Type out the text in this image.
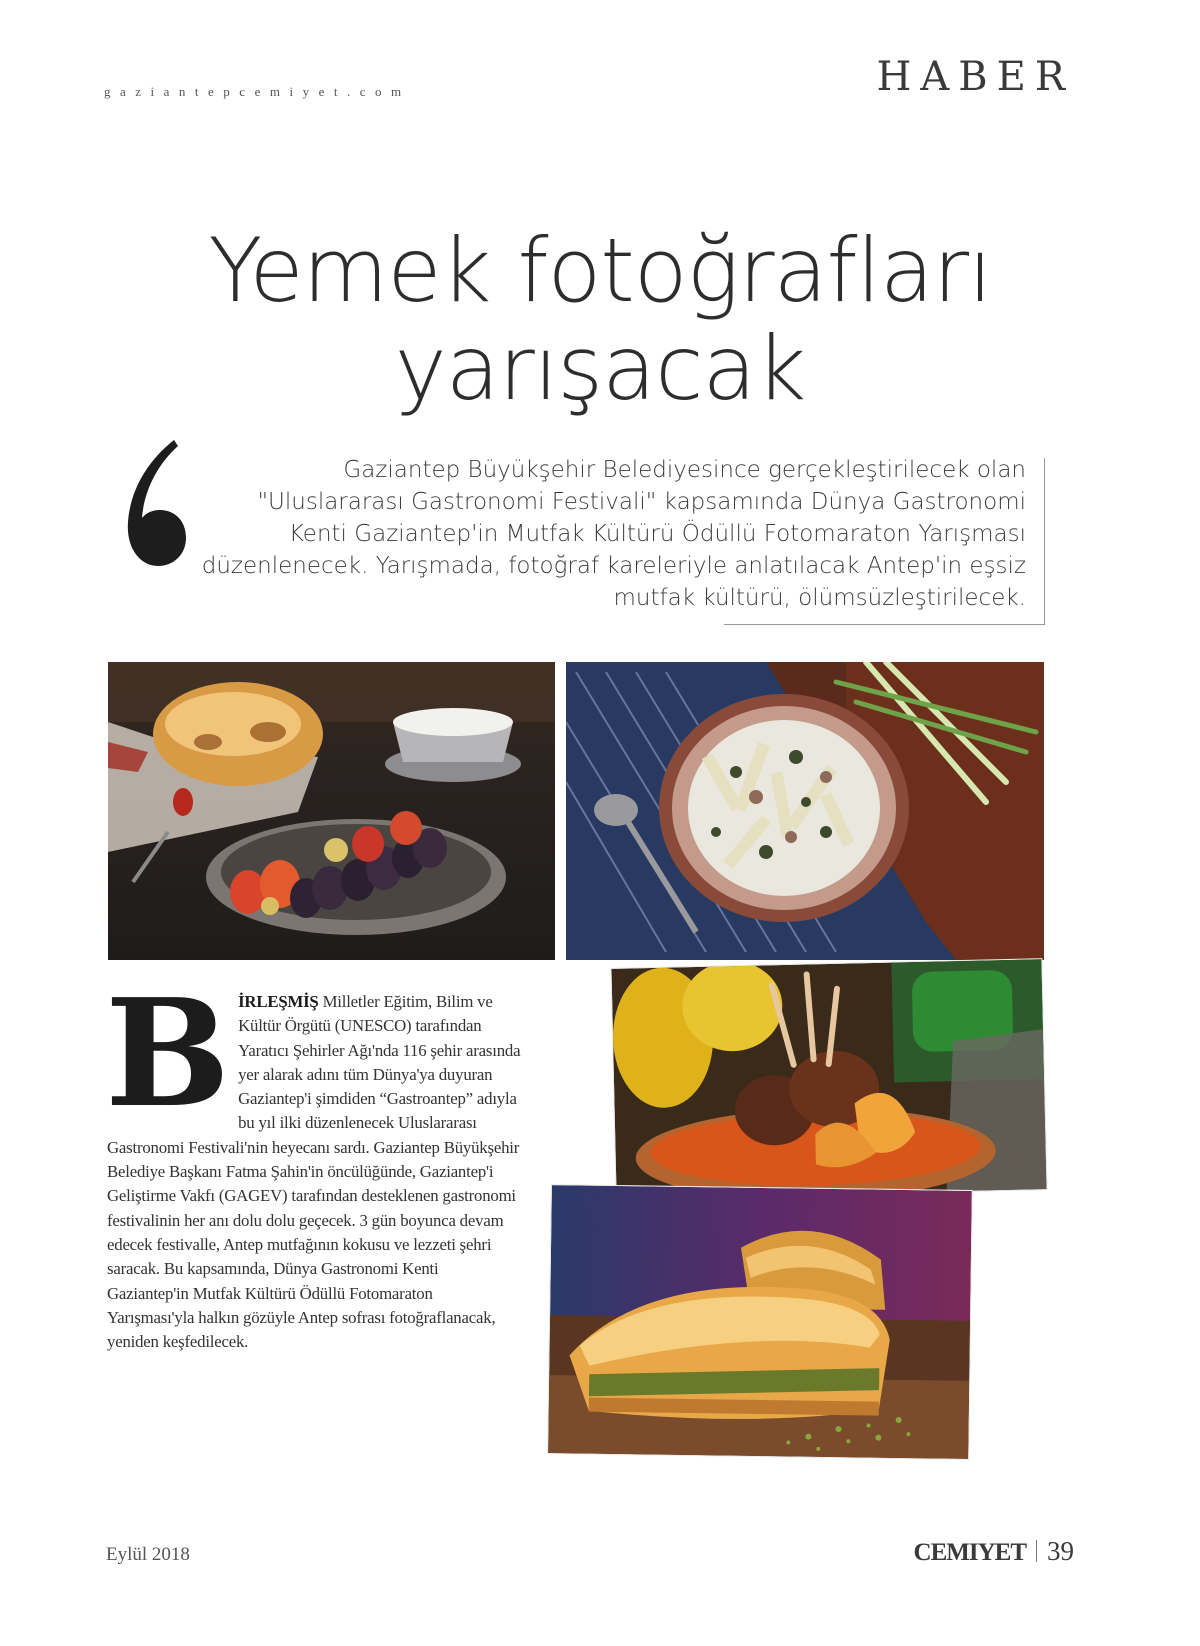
gaziantepcemiyet.com	HABER
Yemek fotoğrafları
yarışacak

Gaziantep Büyükşehir Belediyesince gerçekleştirilecek olan "Uluslararası Gastronomi Festivali" kapsamında Dünya Gastronomi Kenti Gaziantep'in Mutfak Kültürü Ödüllü Fotomaraton Yarışması düzenlenecek. Yarışmada, fotoğraf kareleriyle anlatılacak Antep'in eşsiz mutfak kültürü, ölümsüzleştirilecek.

BİRLEŞMİŞ Milletler Eğitim, Bilim ve Kültür Örgütü (UNESCO) tarafından Yaratıcı Şehirler Ağı'nda 116 şehir arasında yer alarak adını tüm Dünya'ya duyuran Gaziantep'i şimdiden “Gastroantep” adıyla bu yıl ilki düzenlenecek Uluslararası Gastronomi Festivali'nin heyecanı sardı. Gaziantep Büyükşehir Belediye Başkanı Fatma Şahin'in öncülüğünde, Gaziantep'i Geliştirme Vakfı (GAGEV) tarafından desteklenen gastronomi festivalinin her anı dolu dolu geçecek. 3 gün boyunca devam edecek festivalle, Antep mutfağının kokusu ve lezzeti şehri saracak. Bu kapsamında, Dünya Gastronomi Kenti Gaziantep'in Mutfak Kültürü Ödüllü Fotomaraton Yarışması'yla halkın gözüyle Antep sofrası fotoğraflanacak, yeniden keşfedilecek.
Eylül 2018	CEMIYET 39
